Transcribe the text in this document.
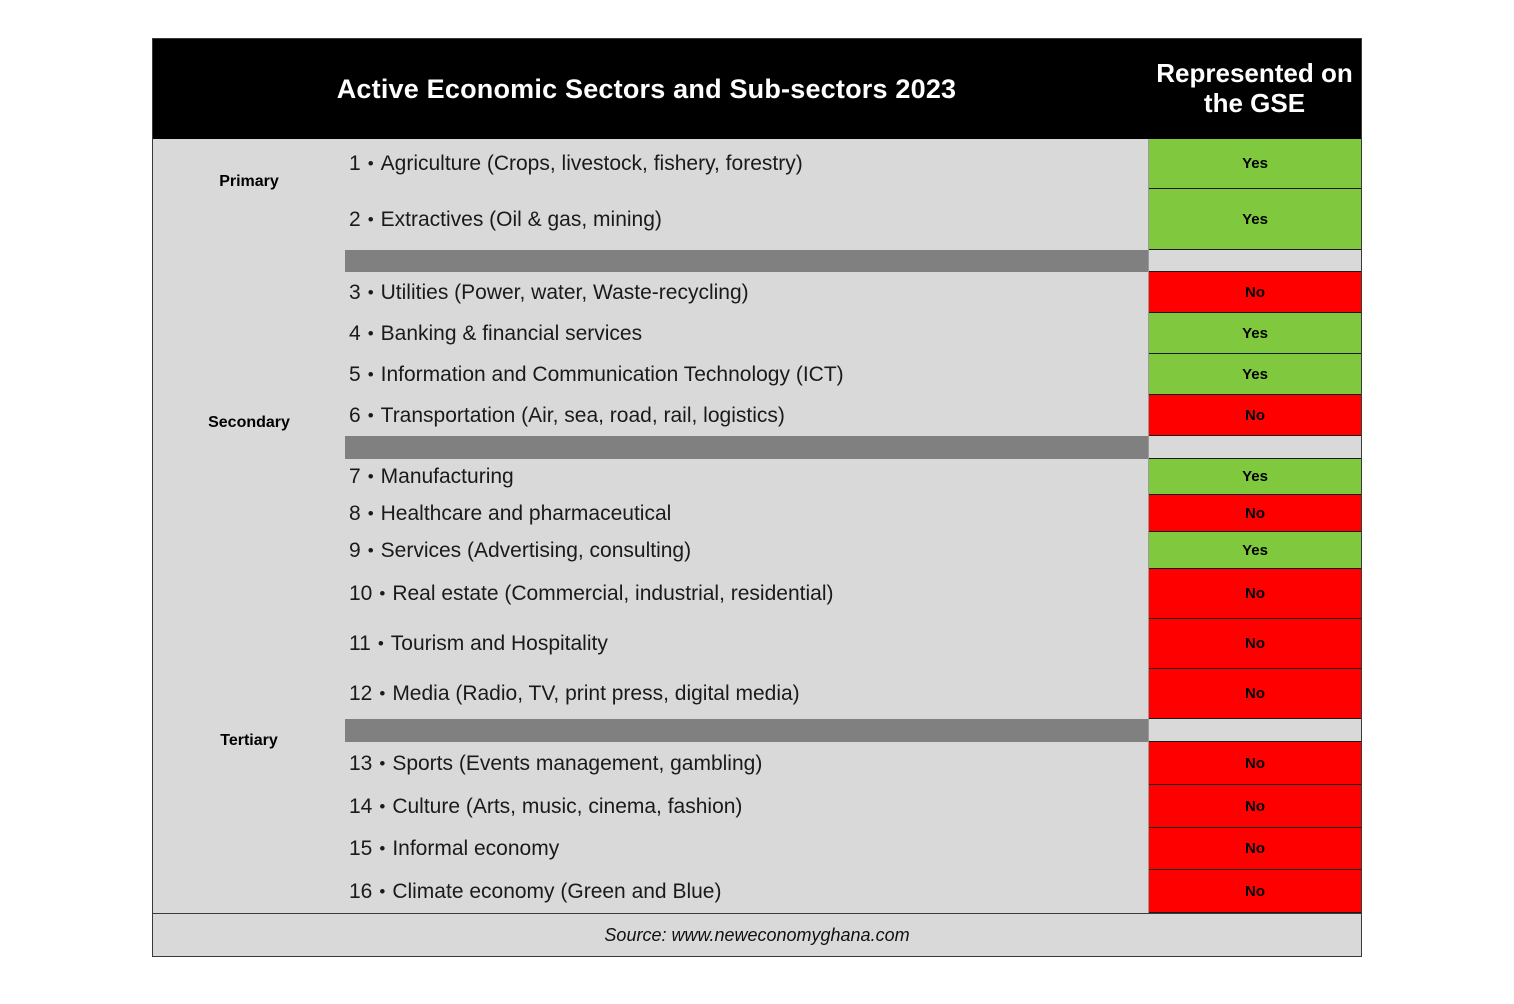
Active Economic Sectors and Sub-sectors 2023
Represented on the GSE
Primary
Secondary
Tertiary
1 • Agriculture (Crops, livestock, fishery, forestry)
2 • Extractives (Oil & gas, mining)
3 • Utilities (Power, water, Waste-recycling)
4 • Banking & financial services
5 • Information and Communication Technology (ICT)
6 • Transportation (Air, sea, road, rail, logistics)
7 • Manufacturing
8 • Healthcare and pharmaceutical
9 • Services (Advertising, consulting)
10 • Real estate (Commercial, industrial, residential)
11 • Tourism and Hospitality
12 • Media (Radio, TV, print press, digital media)
13 • Sports (Events management, gambling)
14 • Culture (Arts, music, cinema, fashion)
15 • Informal economy
16 • Climate economy (Green and Blue)
Yes
Yes
No
Yes
Yes
No
Yes
No
Yes
No
No
No
No
No
No
No
Source: www.neweconomyghana.com
